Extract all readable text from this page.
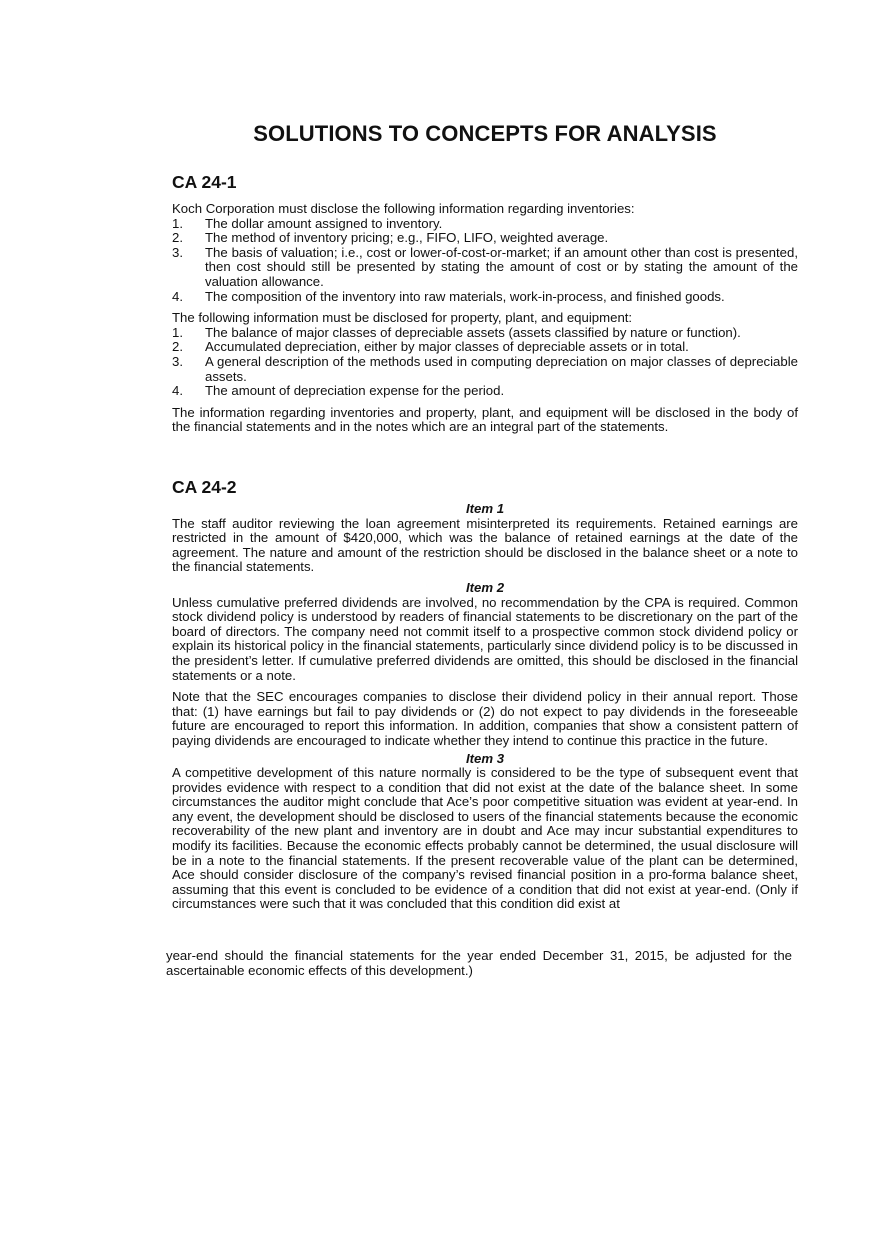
SOLUTIONS TO CONCEPTS FOR ANALYSIS
CA 24-1

Koch Corporation must disclose the following information regarding inventories:

1.	The dollar amount assigned to inventory.
2.	The method of inventory pricing; e.g., FIFO, LIFO, weighted average.
3.	The basis of valuation; i.e., cost or lower-of-cost-or-market; if an amount other than cost is presented, then cost should still be presented by stating the amount of cost or by stating the amount of the valuation allowance.
4.	The composition of the inventory into raw materials, work-in-process, and finished goods.

The following information must be disclosed for property, plant, and equipment:

1.	The balance of major classes of depreciable assets (assets classified by nature or function).
2.	Accumulated depreciation, either by major classes of depreciable assets or in total.
3.	A general description of the methods used in computing depreciation on major classes of depreciable assets.
4.	The amount of depreciation expense for the period.

The information regarding inventories and property, plant, and equipment will be disclosed in the body of the financial statements and in the notes which are an integral part of the statements.

CA 24-2
Item 1

The staff auditor reviewing the loan agreement misinterpreted its requirements. Retained earnings are restricted in the amount of $420,000, which was the balance of retained earnings at the date of the agreement. The nature and amount of the restriction should be disclosed in the balance sheet or a note to the financial statements.

Item 2

Unless cumulative preferred dividends are involved, no recommendation by the CPA is required. Common stock dividend policy is understood by readers of financial statements to be discretionary on the part of the board of directors. The company need not commit itself to a prospective common stock dividend policy or explain its historical policy in the financial statements, particularly since dividend policy is to be discussed in the president’s letter. If cumulative preferred dividends are omitted, this should be disclosed in the financial statements or a note.

Note that the SEC encourages companies to disclose their dividend policy in their annual report. Those that: (1) have earnings but fail to pay dividends or (2) do not expect to pay dividends in the foreseeable future are encouraged to report this information. In addition, companies that show a consistent pattern of paying dividends are encouraged to indicate whether they intend to continue this practice in the future.

Item 3

A competitive development of this nature normally is considered to be the type of subsequent event that provides evidence with respect to a condition that did not exist at the date of the balance sheet. In some circumstances the auditor might conclude that Ace’s poor competitive situation was evident at year-end. In any event, the development should be disclosed to users of the financial statements because the economic recoverability of the new plant and inventory are in doubt and Ace may incur substantial expenditures to modify its facilities. Because the economic effects probably cannot be determined, the usual disclosure will be in a note to the financial statements. If the present recoverable value of the plant can be determined, Ace should consider disclosure of the company’s revised financial position in a pro-forma balance sheet, assuming that this event is concluded to be evidence of a condition that did not exist at year-end. (Only if circumstances were such that it was concluded that this condition did exist at

year-end should the financial statements for the year ended December 31, 2015, be adjusted for the ascertainable economic effects of this development.)
